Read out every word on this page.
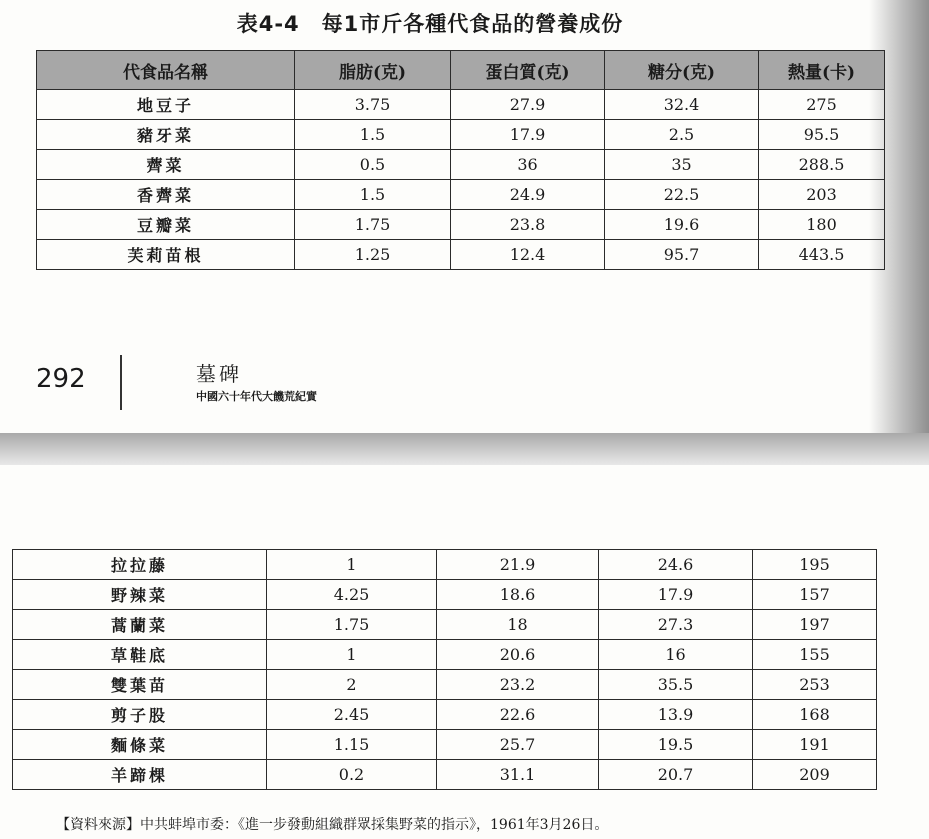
表4-4　每1市斤各種代食品的營養成份
代食品名稱	脂肪(克)	蛋白質(克)	糖分(克)	熱量(卡)
地豆子	3.75	27.9	32.4	275
豬牙菜	1.5	17.9	2.5	95.5
薺菜	0.5	36	35	288.5
香薺菜	1.5	24.9	22.5	203
豆瓣菜	1.75	23.8	19.6	180
芙莉苗根	1.25	12.4	95.7	443.5
292	墓碑
中國六十年代大饑荒紀實
拉拉藤	1	21.9	24.6	195
野辣菜	4.25	18.6	17.9	157
蒿蘭菜	1.75	18	27.3	197
草鞋底	1	20.6	16	155
雙葉苗	2	23.2	35.5	253
剪子股	2.45	22.6	13.9	168
麵條菜	1.15	25.7	19.5	191
羊蹄棵	0.2	31.1	20.7	209
【資料來源】中共蚌埠市委：《進一步發動組織群眾採集野菜的指示》，1961年3月26日。
